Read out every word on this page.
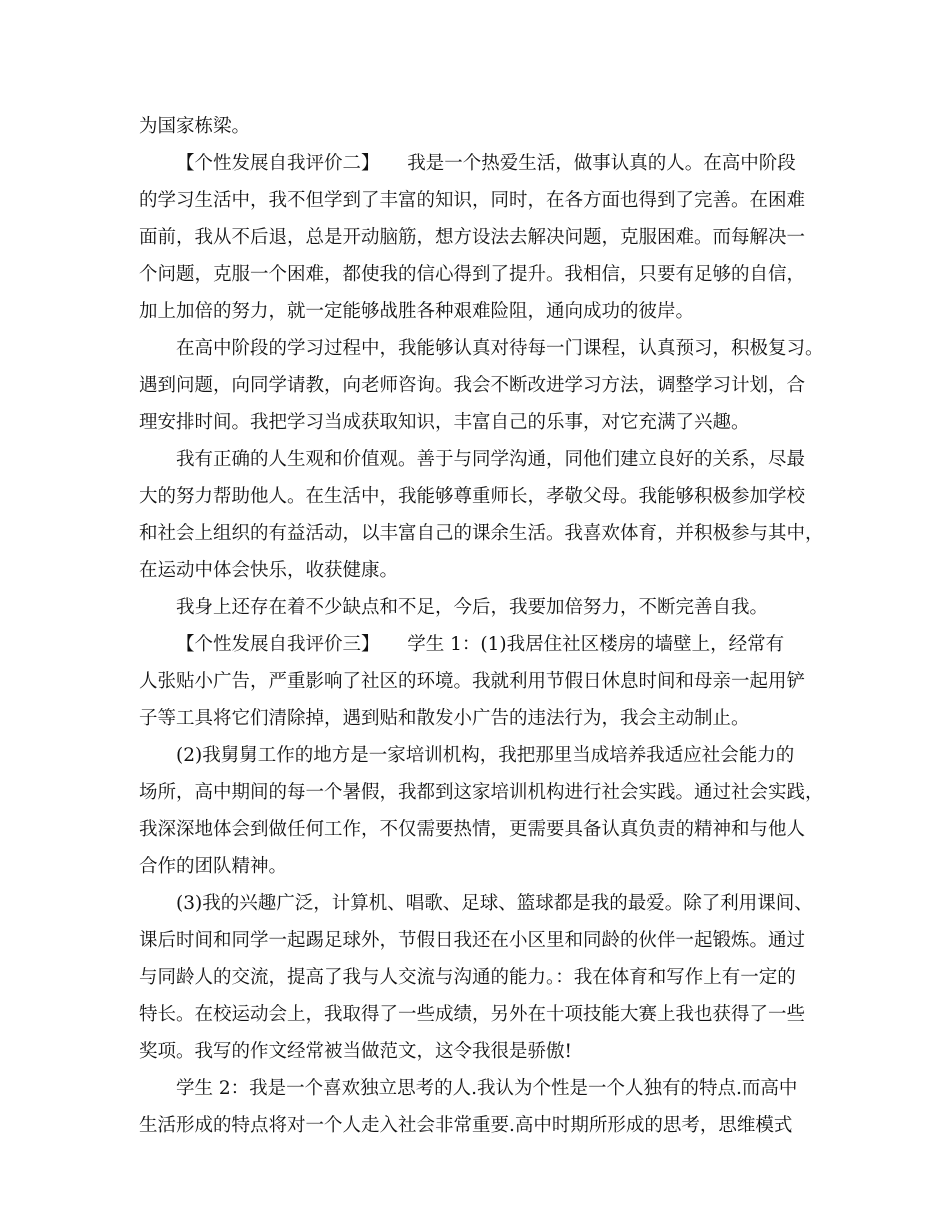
为国家栋梁。
【个性发展自我评价二】　　我是一个热爱生活，做事认真的人。在高中阶段
的学习生活中，我不但学到了丰富的知识，同时，在各方面也得到了完善。在困难
面前，我从不后退，总是开动脑筋，想方设法去解决问题，克服困难。而每解决一
个问题，克服一个困难，都使我的信心得到了提升。我相信，只要有足够的自信，
加上加倍的努力，就一定能够战胜各种艰难险阻，通向成功的彼岸。
在高中阶段的学习过程中，我能够认真对待每一门课程，认真预习，积极复习。
遇到问题，向同学请教，向老师咨询。我会不断改进学习方法，调整学习计划，合
理安排时间。我把学习当成获取知识，丰富自己的乐事，对它充满了兴趣。
我有正确的人生观和价值观。善于与同学沟通，同他们建立良好的关系，尽最
大的努力帮助他人。在生活中，我能够尊重师长，孝敬父母。我能够积极参加学校
和社会上组织的有益活动，以丰富自己的课余生活。我喜欢体育，并积极参与其中，
在运动中体会快乐，收获健康。
我身上还存在着不少缺点和不足，今后，我要加倍努力，不断完善自我。
【个性发展自我评价三】　　学生 1：(1)我居住社区楼房的墙壁上，经常有
人张贴小广告，严重影响了社区的环境。我就利用节假日休息时间和母亲一起用铲
子等工具将它们清除掉，遇到贴和散发小广告的违法行为，我会主动制止。
(2)我舅舅工作的地方是一家培训机构，我把那里当成培养我适应社会能力的
场所，高中期间的每一个暑假，我都到这家培训机构进行社会实践。通过社会实践，
我深深地体会到做任何工作，不仅需要热情，更需要具备认真负责的精神和与他人
合作的团队精神。
(3)我的兴趣广泛，计算机、唱歌、足球、篮球都是我的最爱。除了利用课间、
课后时间和同学一起踢足球外，节假日我还在小区里和同龄的伙伴一起锻炼。通过
与同龄人的交流，提高了我与人交流与沟通的能力。：我在体育和写作上有一定的
特长。在校运动会上，我取得了一些成绩，另外在十项技能大赛上我也获得了一些
奖项。我写的作文经常被当做范文，这令我很是骄傲!
学生 2：我是一个喜欢独立思考的人.我认为个性是一个人独有的特点.而高中
生活形成的特点将对一个人走入社会非常重要.高中时期所形成的思考，思维模式
